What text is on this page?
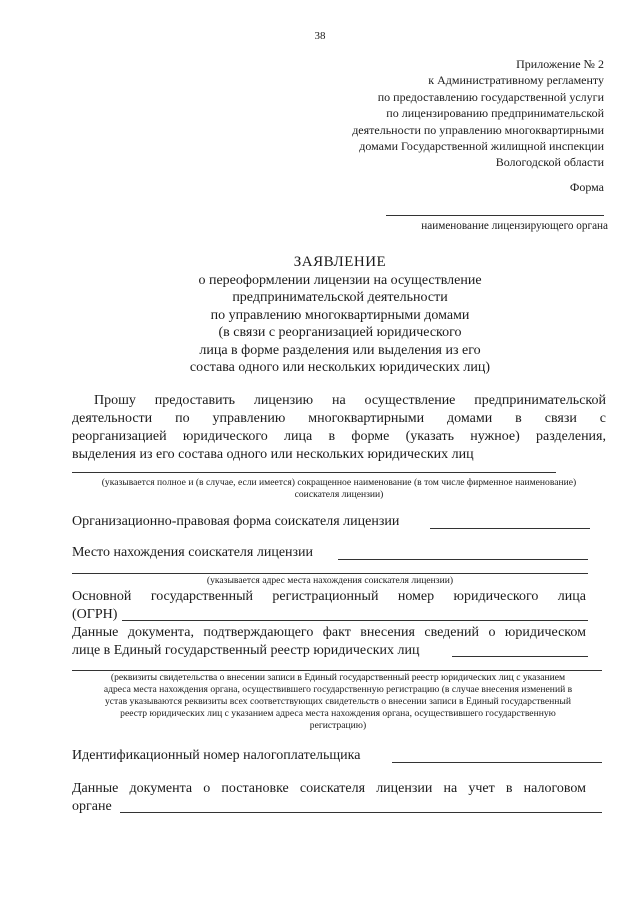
38
Приложение № 2
к Административному регламенту
по предоставлению государственной услуги
по лицензированию предпринимательской
деятельности по управлению многоквартирными
домами Государственной жилищной инспекции
Вологодской области
Форма
наименование лицензирующего органа
ЗАЯВЛЕНИЕ
о переоформлении лицензии на осуществление
предпринимательской деятельности
по управлению многоквартирными домами
(в связи с реорганизацией юридического
лица в форме разделения или выделения из его
состава одного или нескольких юридических лиц)
Прошу предоставить лицензию на осуществление предпринимательской
деятельности по управлению многоквартирными домами в связи с
реорганизацией юридического лица в форме (указать нужное) разделения,
выделения из его состава одного или нескольких юридических лиц
(указывается полное и (в случае, если имеется) сокращенное наименование (в том числе фирменное наименование)
соискателя лицензии)
Организационно-правовая форма соискателя лицензии
Место нахождения соискателя лицензии
(указывается адрес места нахождения соискателя лицензии)
Основной государственный регистрационный номер юридического лица
(ОГРН)
Данные документа, подтверждающего факт внесения сведений о юридическом
лице в Единый государственный реестр юридических лиц
(реквизиты свидетельства о внесении записи в Единый государственный реестр юридических лиц с указанием
адреса места нахождения органа, осуществившего государственную регистрацию (в случае внесения изменений в
устав указываются реквизиты всех соответствующих свидетельств о внесении записи в Единый государственный
реестр юридических лиц с указанием адреса места нахождения органа, осуществившего государственную
регистрацию)
Идентификационный номер налогоплательщика
Данные документа о постановке соискателя лицензии на учет в налоговом
органе
